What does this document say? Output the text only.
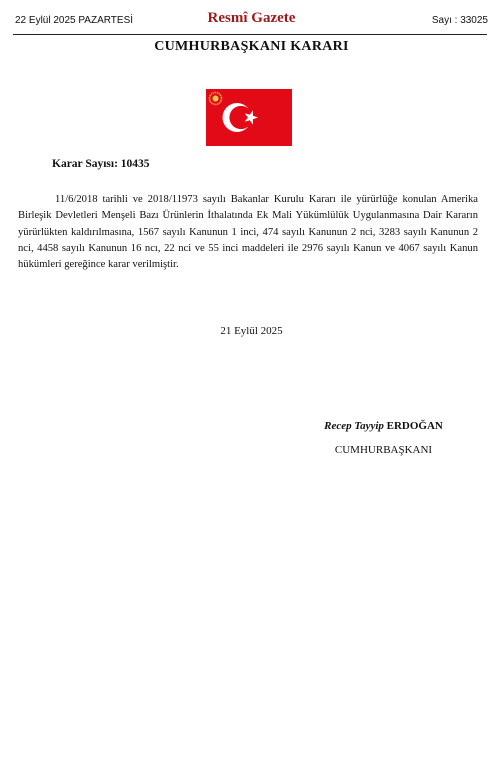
22 Eylül 2025 PAZARTESİ	Resmî Gazete	Sayı : 33025
CUMHURBAŞKANI KARARI
Karar Sayısı: 10435

11/6/2018 tarihli ve 2018/11973 sayılı Bakanlar Kurulu Kararı ile yürürlüğe konulan Amerika Birleşik Devletleri Menşeli Bazı Ürünlerin İthalatında Ek Mali Yükümlülük Uygulanmasına Dair Kararın yürürlükten kaldırılmasına, 1567 sayılı Kanunun 1 inci, 474 sayılı Kanunun 2 nci, 3283 sayılı Kanunun 2 nci, 4458 sayılı Kanunun 16 ncı, 22 nci ve 55 inci maddeleri ile 2976 sayılı Kanun ve 4067 sayılı Kanun hükümleri gereğince karar verilmiştir.

21 Eylül 2025
Recep Tayyip ERDOĞAN
CUMHURBAŞKANI
